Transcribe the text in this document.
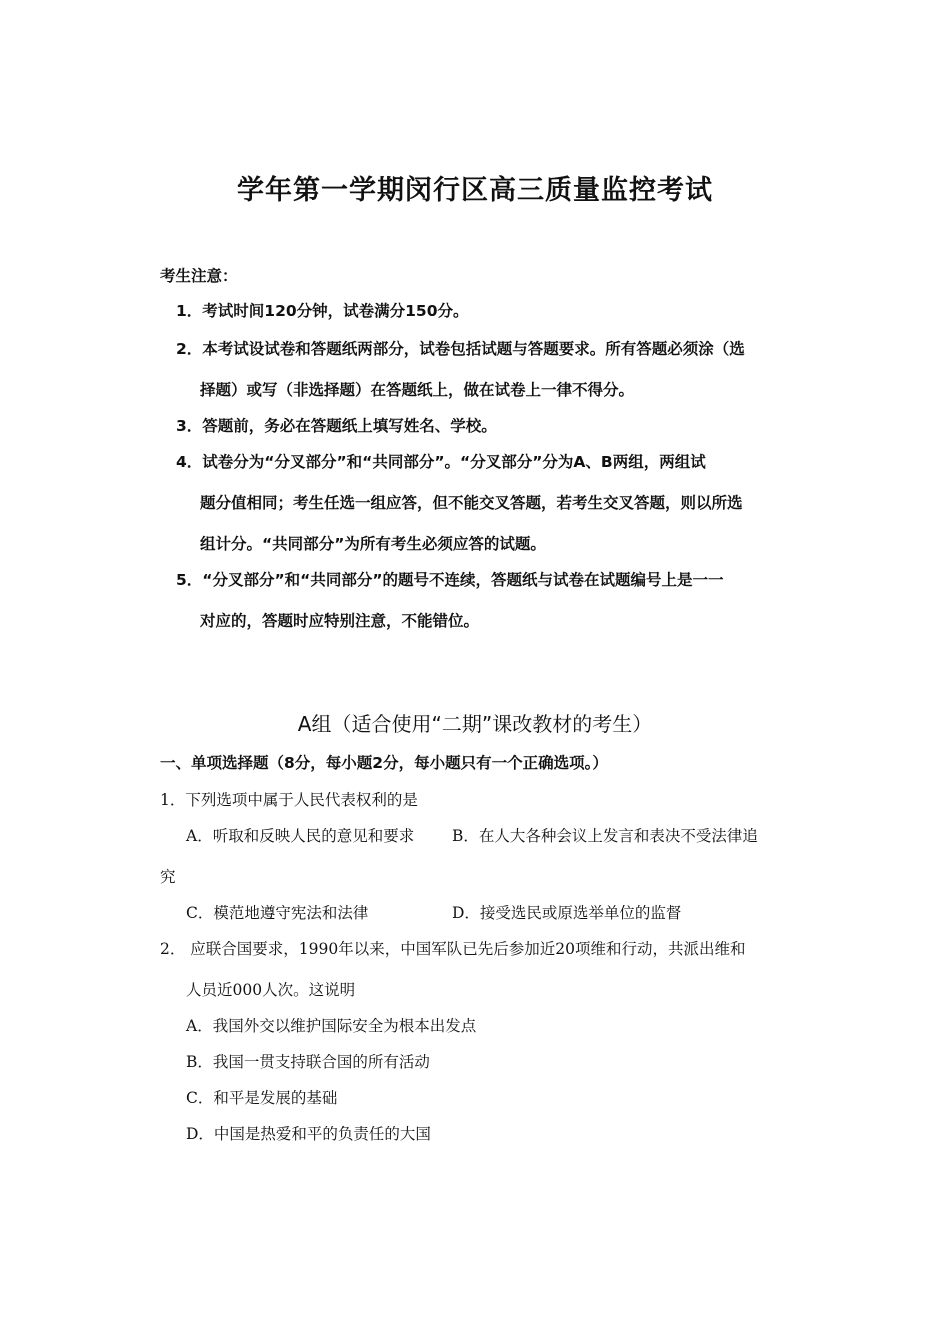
学年第一学期闵行区高三质量监控考试
考生注意：
1．考试时间120分钟，试卷满分150分。
2．本考试设试卷和答题纸两部分，试卷包括试题与答题要求。所有答题必须涂（选
择题）或写（非选择题）在答题纸上，做在试卷上一律不得分。
3．答题前，务必在答题纸上填写姓名、学校。
4．试卷分为“分叉部分”和“共同部分”。“分叉部分”分为A、B两组，两组试
题分值相同；考生任选一组应答，但不能交叉答题，若考生交叉答题，则以所选
组计分。“共同部分”为所有考生必须应答的试题。
5．“分叉部分”和“共同部分”的题号不连续，答题纸与试卷在试题编号上是一一
对应的，答题时应特别注意，不能错位。
A组（适合使用“二期”课改教材的考生）
一、单项选择题（8分，每小题2分，每小题只有一个正确选项。）
1．下列选项中属于人民代表权利的是
A．听取和反映人民的意见和要求 B．在人大各种会议上发言和表决不受法律追
究
C．模范地遵守宪法和法律	D．接受选民或原选举单位的监督
2． 应联合国要求，1990年以来，中国军队已先后参加近20项维和行动，共派出维和
人员近000人次。这说明
A．我国外交以维护国际安全为根本出发点
B．我国一贯支持联合国的所有活动
C．和平是发展的基础
D．中国是热爱和平的负责任的大国
